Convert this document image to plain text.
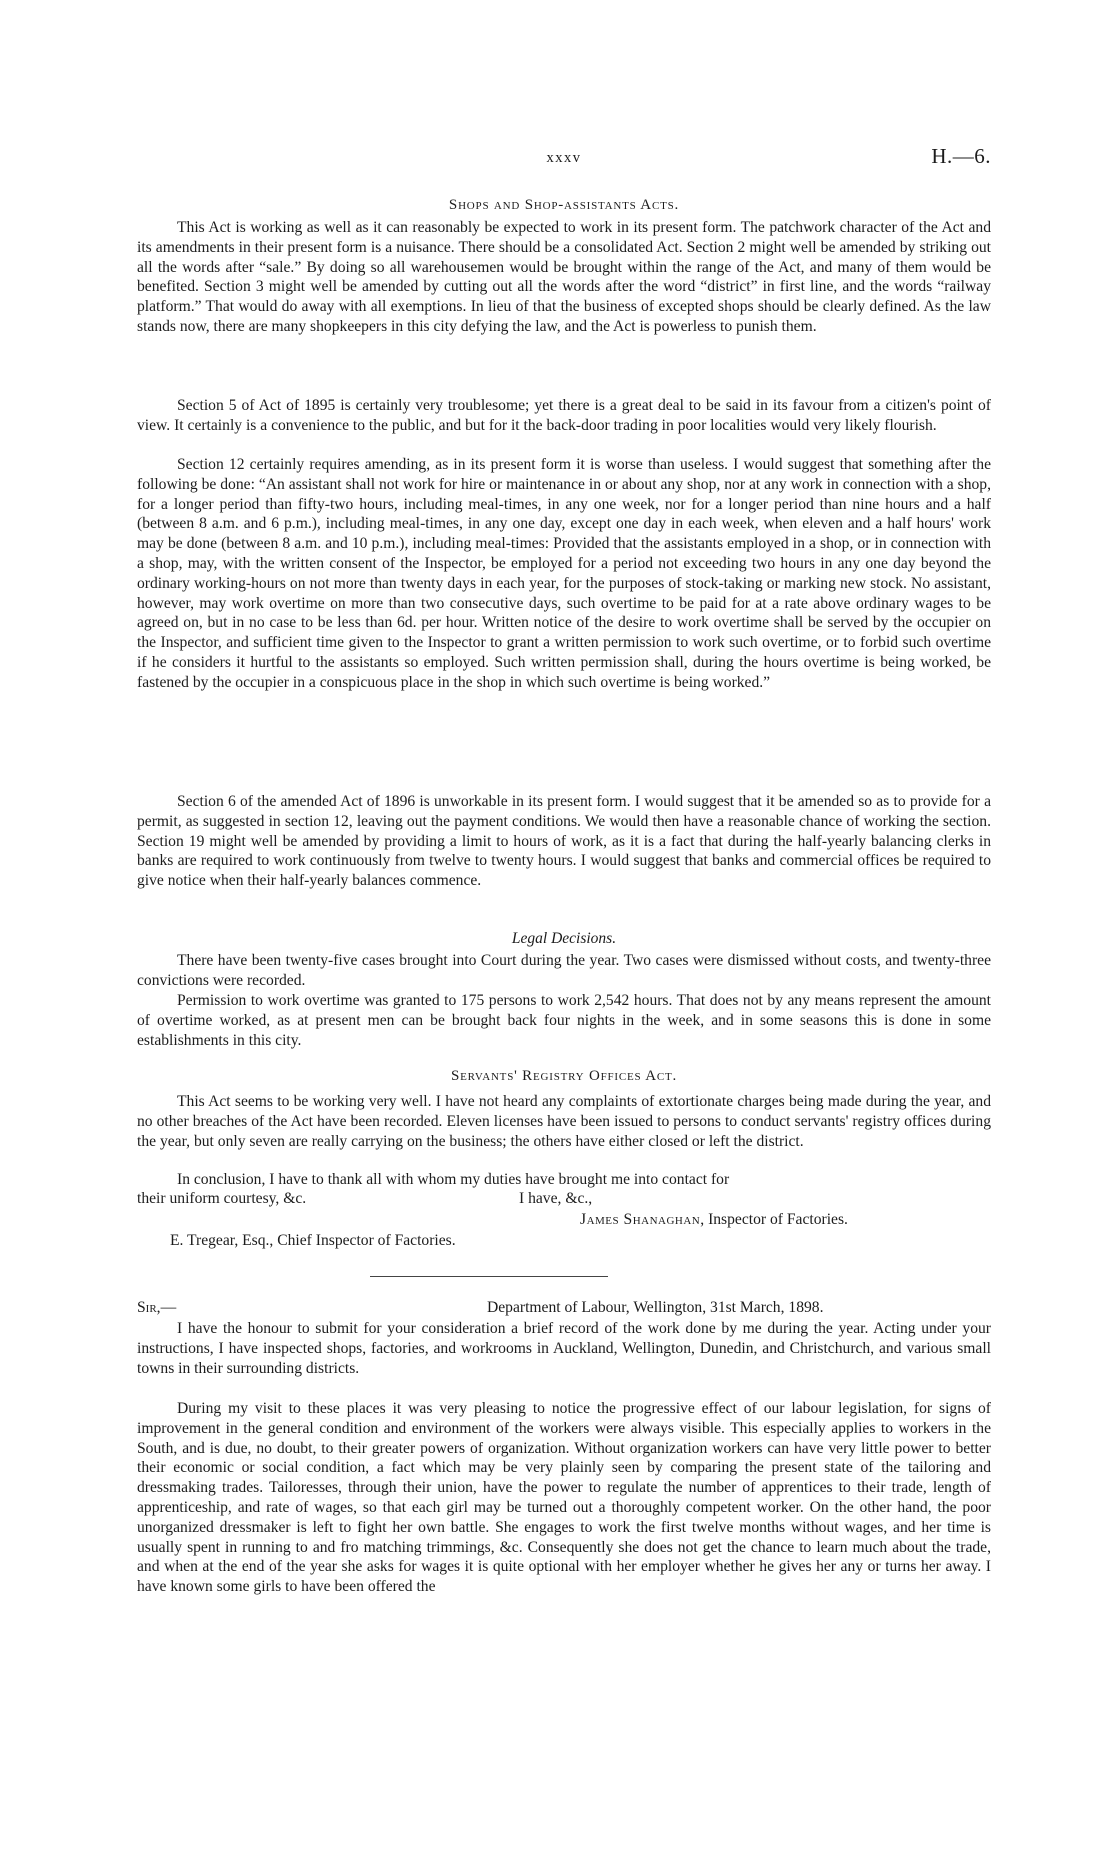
xxxv	H.—6.
Shops and Shop-assistants Acts.

This Act is working as well as it can reasonably be expected to work in its present form. The patchwork character of the Act and its amendments in their present form is a nuisance. There should be a consolidated Act. Section 2 might well be amended by striking out all the words after “sale.” By doing so all warehousemen would be brought within the range of the Act, and many of them would be benefited. Section 3 might well be amended by cutting out all the words after the word “district” in first line, and the words “railway platform.” That would do away with all exemptions. In lieu of that the business of excepted shops should be clearly defined. As the law stands now, there are many shopkeepers in this city defying the law, and the Act is powerless to punish them.

Section 5 of Act of 1895 is certainly very troublesome; yet there is a great deal to be said in its favour from a citizen's point of view. It certainly is a convenience to the public, and but for it the back-door trading in poor localities would very likely flourish.

Section 12 certainly requires amending, as in its present form it is worse than useless. I would suggest that something after the following be done: “An assistant shall not work for hire or maintenance in or about any shop, nor at any work in connection with a shop, for a longer period than fifty-two hours, including meal-times, in any one week, nor for a longer period than nine hours and a half (between 8 a.m. and 6 p.m.), including meal-times, in any one day, except one day in each week, when eleven and a half hours' work may be done (between 8 a.m. and 10 p.m.), including meal-times: Provided that the assistants employed in a shop, or in connection with a shop, may, with the written consent of the Inspector, be employed for a period not exceeding two hours in any one day beyond the ordinary working-hours on not more than twenty days in each year, for the purposes of stock-taking or marking new stock. No assistant, however, may work overtime on more than two consecutive days, such overtime to be paid for at a rate above ordinary wages to be agreed on, but in no case to be less than 6d. per hour. Written notice of the desire to work overtime shall be served by the occupier on the Inspector, and sufficient time given to the Inspector to grant a written permission to work such overtime, or to forbid such overtime if he considers it hurtful to the assistants so employed. Such written permission shall, during the hours overtime is being worked, be fastened by the occupier in a conspicuous place in the shop in which such overtime is being worked.”

Section 6 of the amended Act of 1896 is unworkable in its present form. I would suggest that it be amended so as to provide for a permit, as suggested in section 12, leaving out the payment conditions. We would then have a reasonable chance of working the section. Section 19 might well be amended by providing a limit to hours of work, as it is a fact that during the half-yearly balancing clerks in banks are required to work continuously from twelve to twenty hours. I would suggest that banks and commercial offices be required to give notice when their half-yearly balances commence.

Legal Decisions.

There have been twenty-five cases brought into Court during the year. Two cases were dismissed without costs, and twenty-three convictions were recorded.

Permission to work overtime was granted to 175 persons to work 2,542 hours. That does not by any means represent the amount of overtime worked, as at present men can be brought back four nights in the week, and in some seasons this is done in some establishments in this city.

Servants' Registry Offices Act.

This Act seems to be working very well. I have not heard any complaints of extortionate charges being made during the year, and no other breaches of the Act have been recorded. Eleven licenses have been issued to persons to conduct servants' registry offices during the year, but only seven are really carrying on the business; the others have either closed or left the district.

In conclusion, I have to thank all with whom my duties have brought me into contact for

their uniform courtesy, &c.	I have, &c.,
James Shanaghan, Inspector of Factories.
E. Tregear, Esq., Chief Inspector of Factories.
Sir,—	Department of Labour, Wellington, 31st March, 1898.

I have the honour to submit for your consideration a brief record of the work done by me during the year. Acting under your instructions, I have inspected shops, factories, and workrooms in Auckland, Wellington, Dunedin, and Christchurch, and various small towns in their surrounding districts.

During my visit to these places it was very pleasing to notice the progressive effect of our labour legislation, for signs of improvement in the general condition and environment of the workers were always visible. This especially applies to workers in the South, and is due, no doubt, to their greater powers of organization. Without organization workers can have very little power to better their economic or social condition, a fact which may be very plainly seen by comparing the present state of the tailoring and dressmaking trades. Tailoresses, through their union, have the power to regulate the number of apprentices to their trade, length of apprenticeship, and rate of wages, so that each girl may be turned out a thoroughly competent worker. On the other hand, the poor unorganized dressmaker is left to fight her own battle. She engages to work the first twelve months without wages, and her time is usually spent in running to and fro matching trimmings, &c. Consequently she does not get the chance to learn much about the trade, and when at the end of the year she asks for wages it is quite optional with her employer whether he gives her any or turns her away. I have known some girls to have been offered the
